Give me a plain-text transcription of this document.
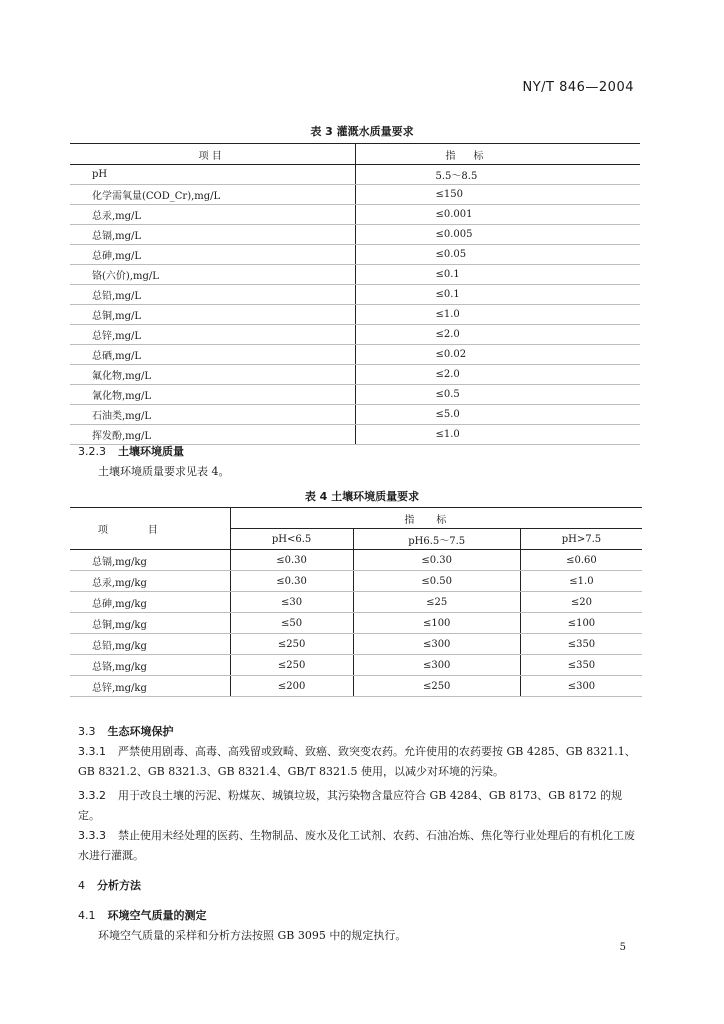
NY/T 846—2004
表 3 灌溉水质量要求
项 目	指标
pH	5.5～8.5
化学需氧量(COD_Cr),mg/L	≤150
总汞,mg/L	≤0.001
总镉,mg/L	≤0.005
总砷,mg/L	≤0.05
铬(六价),mg/L	≤0.1
总铅,mg/L	≤0.1
总铜,mg/L	≤1.0
总锌,mg/L	≤2.0
总硒,mg/L	≤0.02
氟化物,mg/L	≤2.0
氰化物,mg/L	≤0.5
石油类,mg/L	≤5.0
挥发酚,mg/L	≤1.0
3.2.3 土壤环境质量
土壤环境质量要求见表 4。
表 4 土壤环境质量要求
项目	指标		
	pH<6.5	pH6.5～7.5	pH>7.5
总镉,mg/kg	≤0.30	≤0.30	≤0.60
总汞,mg/kg	≤0.30	≤0.50	≤1.0
总砷,mg/kg	≤30	≤25	≤20
总铜,mg/kg	≤50	≤100	≤100
总铅,mg/kg	≤250	≤300	≤350
总铬,mg/kg	≤250	≤300	≤350
总锌,mg/kg	≤200	≤250	≤300
3.3 生态环境保护
3.3.1 严禁使用剧毒、高毒、高残留或致畸、致癌、致突变农药。允许使用的农药要按 GB 4285、GB 8321.1、GB 8321.2、GB 8321.3、GB 8321.4、GB/T 8321.5 使用，以减少对环境的污染。
3.3.2 用于改良土壤的污泥、粉煤灰、城镇垃圾，其污染物含量应符合 GB 4284、GB 8173、GB 8172 的规定。
3.3.3 禁止使用未经处理的医药、生物制品、废水及化工试剂、农药、石油冶炼、焦化等行业处理后的有机化工废水进行灌溉。
4 分析方法
4.1 环境空气质量的测定
环境空气质量的采样和分析方法按照 GB 3095 中的规定执行。
5
